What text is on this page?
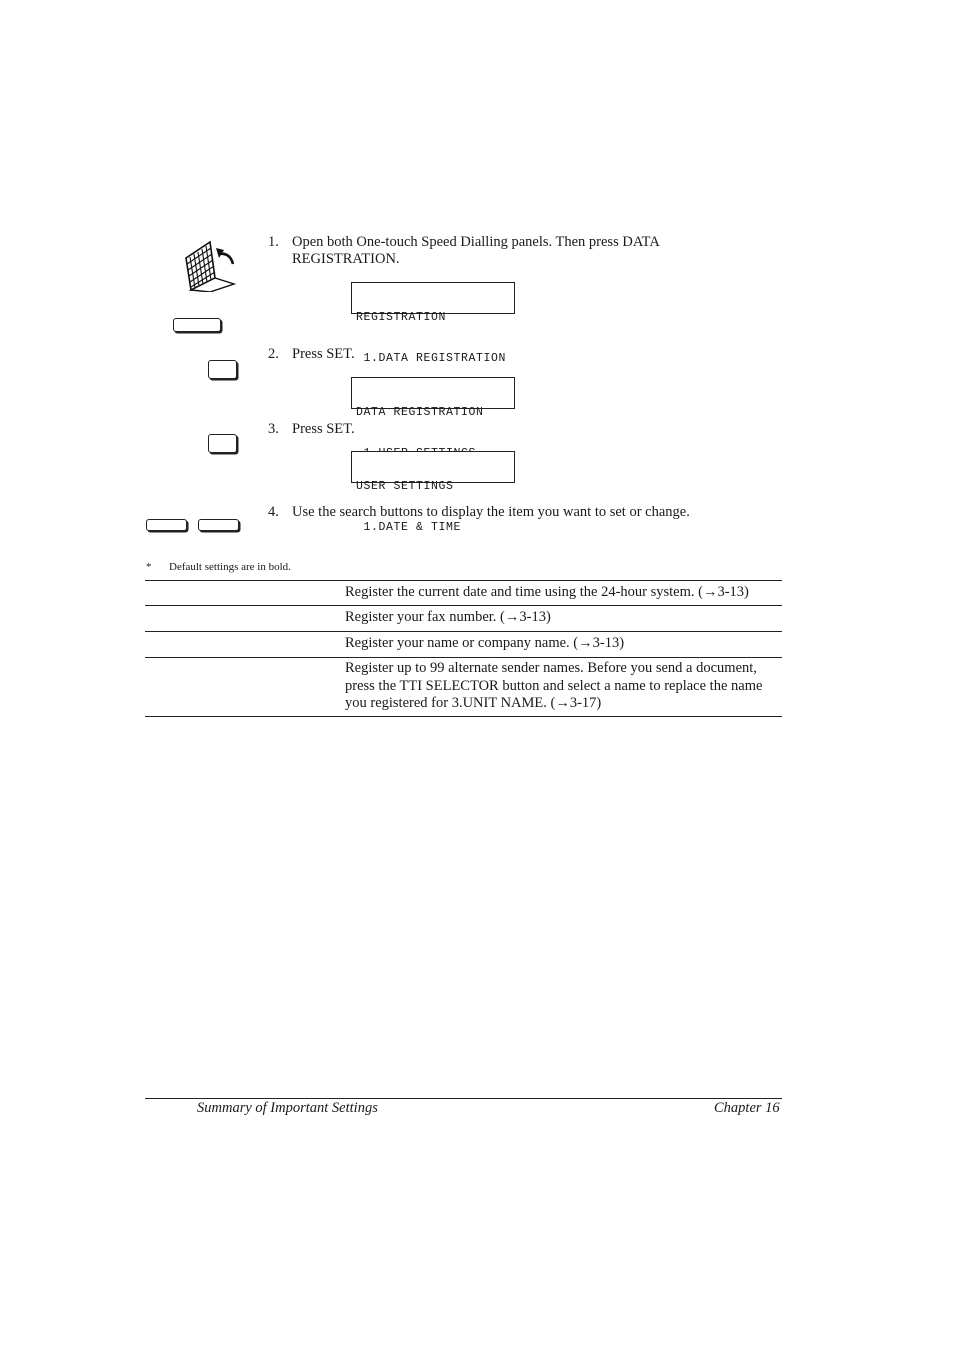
1. Open both One-touch Speed Dialling panels. Then press DATA
REGISTRATION.

REGISTRATION

1.DATA REGISTRATION

2. Press SET.

DATA REGISTRATION

3. Press SET.

USER SETTINGS

1.DATE & TIME

4. Use the search buttons to display the item you want to set or change.
* Default settings are in bold.
Register the current date and time using the 24-hour system. (→3-13)
Register your fax number. (→3-13)
Register your name or company name. (→3-13)
Register up to 99 alternate sender names. Before you send a document, press the TTI SELECTOR button and select a name to replace the name you registered for 3.UNIT NAME. (→3-17)
Summary of Important Settings	Chapter 16
